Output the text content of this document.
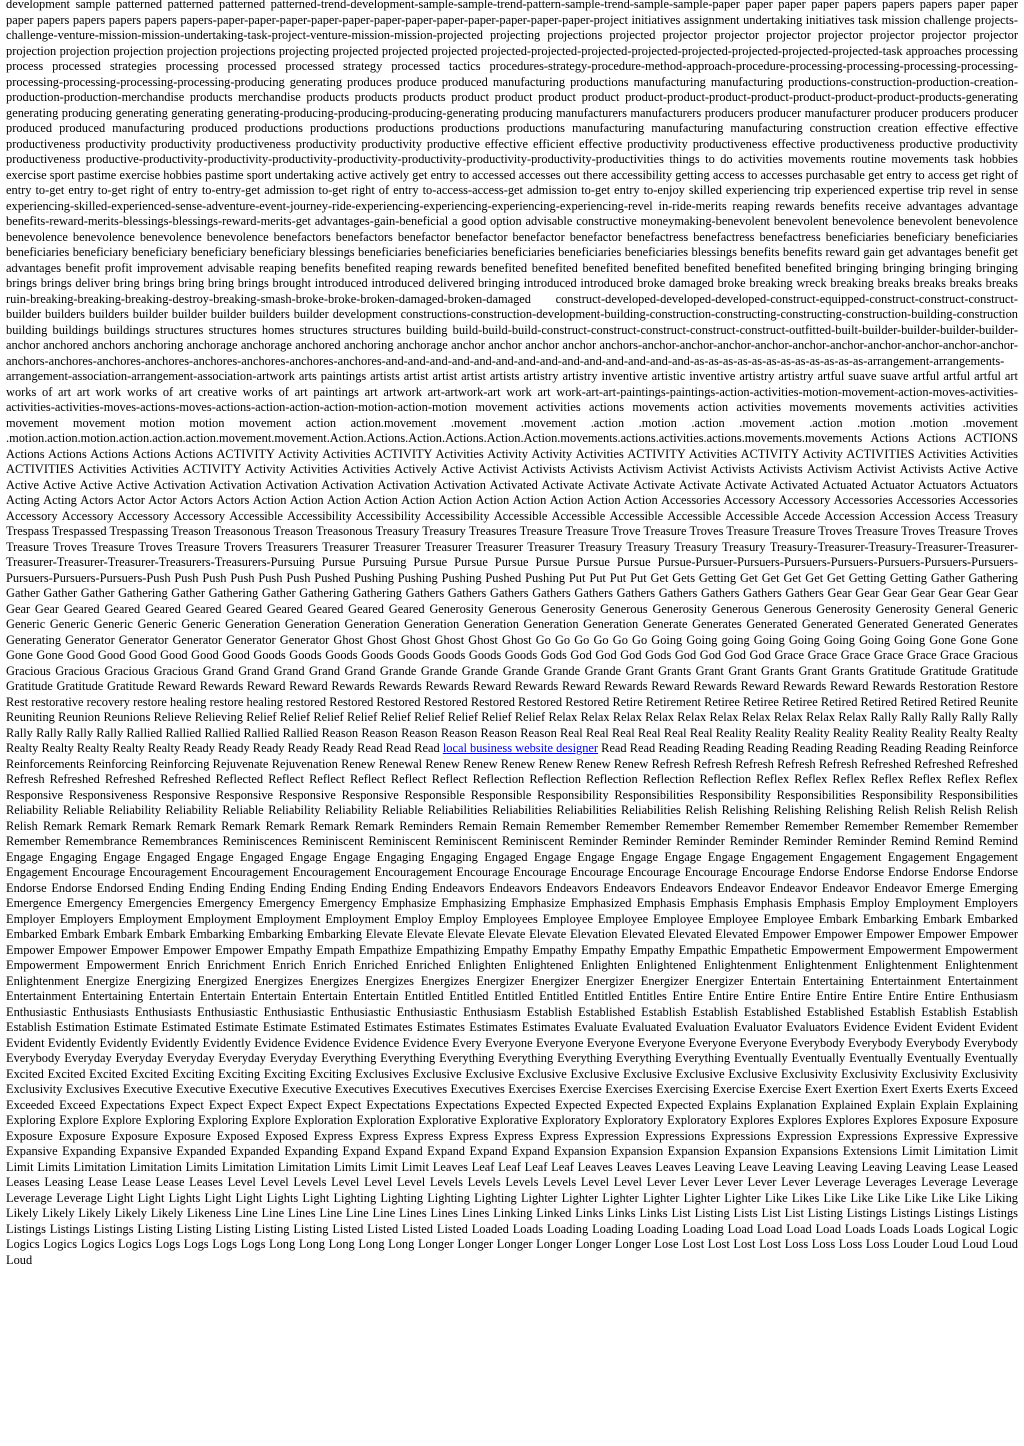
development sample patterned patterned patterned patterned-trend-development-sample-sample-trend-pattern-sample-trend-sample-sample-paper paper paper paper papers papers papers paper paper paper papers papers papers papers papers-paper-paper-paper-paper-paper-paper-paper-paper-paper-paper-paper-paper-project initiatives assignment undertaking initiatives task mission challenge projects-challenge-venture-mission-mission-undertaking-task-project-venture-mission-mission-projected projecting projections projected projector projector projector projector projector projector projector projection projection projection projection projections projecting projected projected projected projected-projected-projected-projected-projected-projected-projected-projected-task approaches processing process processed strategies processing processed processed strategy processed tactics procedures-strategy-procedure-method-approach-procedure-processing-processing-processing-processing-processing-processing-processing-processing-producing generating produces produce produced manufacturing productions manufacturing manufacturing productions-construction-production-creation-production-production-merchandise products merchandise products products products product product product product product-product-product-product-product-product-product-products-generating generating producing generating generating generating-producing-producing-producing-generating producing manufacturers manufacturers producers producer manufacturer producer producers producer produced produced manufacturing produced productions productions productions productions productions manufacturing manufacturing manufacturing construction creation effective effective productiveness productivity productivity productiveness productivity productivity productive effective efficient effective productivity productiveness effective productiveness productive productivity productiveness productive-productivity-productivity-productivity-productivity-productivity-productivity-productivity-productivities things to do activities movements routine movements task hobbies exercise sport pastime exercise hobbies pastime sport undertaking active actively get entry to accessed accesses out there accessibility getting access to accesses purchasable get entry to access get right of entry to-get entry to-get right of entry to-entry-get admission to-get right of entry to-access-access-get admission to-get entry to-enjoy skilled experiencing trip experienced expertise trip revel in sense experiencing-skilled-experienced-sense-adventure-event-journey-ride-experiencing-experiencing-experiencing-experiencing-revel in-ride-merits reaping rewards benefits receive advantages advantage benefits-reward-merits-blessings-blessings-reward-merits-get advantages-gain-beneficial a good option advisable constructive moneymaking-benevolent benevolent benevolence benevolent benevolence benevolence benevolence benevolence benevolence benefactors benefactors benefactor benefactor benefactor benefactor benefactress benefactress benefactress beneficiaries beneficiary beneficiaries beneficiaries beneficiary beneficiary beneficiary beneficiary blessings beneficiaries beneficiaries beneficiaries beneficiaries beneficiaries blessings benefits benefits reward gain get advantages benefit get advantages benefit profit improvement advisable reaping benefits benefited reaping rewards benefited benefited benefited benefited benefited benefited benefited bringing bringing bringing bringing brings brings deliver bring brings bring bring brings brought introduced introduced delivered bringing introduced introduced broke damaged broke breaking wreck breaking breaks breaks breaks breaks ruin-breaking-breaking-breaking-destroy-breaking-smash-broke-broke-broken-damaged-broken-damaged construct-developed-developed-developed-construct-equipped-construct-construct-construct-builder builders builders builder builder builder builders builder development constructions-construction-development-building-construction-constructing-constructing-construction-building-construction building buildings buildings structures structures homes structures structures building build-build-build-construct-construct-construct-construct-construct-outfitted-built-builder-builder-builder-builder-anchor anchored anchors anchoring anchorage anchorage anchored anchoring anchorage anchor anchor anchor anchor anchors-anchor-anchor-anchor-anchor-anchor-anchor-anchor-anchor-anchor-anchor-anchors-anchores-anchores-anchores-anchores-anchores-anchores-anchores-and-and-and-and-and-and-and-and-and-and-and-and-and-and-as-as-as-as-as-as-as-as-as-as-as-as-arrangement-arrangements-arrangement-association-arrangement-association-artwork arts paintings artists artist artist artist artists artistry artistry inventive artistic inventive artistry artistry artful suave suave artful artful artful art works of art art work works of art creative works of art paintings art artwork art-artwork-art work art work-art-art-paintings-paintings-action-activities-motion-movement-action-moves-activities-activities-activities-moves-actions-moves-actions-action-action-action-motion-action-motion movement activities actions movements action activities movements movements activities activities movement movement motion motion movement action action.movement .movement .movement .action .motion .action .movement .action .motion .motion .movement .motion.action.motion.action.action.action.movement.movement.Action.Actions.Action.Actions.Action.Action.movements.actions.activities.actions.movements.movements Actions Actions ACTIONS Actions Actions Actions Actions Actions ACTIVITY Activity Activities ACTIVITY Activities Activity Activity Activities ACTIVITY Activities ACTIVITY Activity ACTIVITIES Activities Activities ACTIVITIES Activities Activities ACTIVITY Activity Activities Activities Actively Active Activist Activists Activists Activism Activist Activists Activists Activism Activist Activists Active Active Active Active Active Active Activation Activation Activation Activation Activation Activation Activated Activate Activate Activate Activate Activate Activated Actuated Actuator Actuators Actuators Acting Acting Actors Actor Actor Actors Actors Action Action Action Action Action Action Action Action Action Action Action Accessories Accessory Accessory Accessories Accessories Accessories Accessory Accessory Accessory Accessory Accessible Accessibility Accessibility Accessibility Accessible Accessible Accessible Accessible Accessible Accede Accession Accession Access Treasury Trespass Trespassed Trespassing Treason Treasonous Treason Treasonous Treasury Treasury Treasures Treasure Treasure Trove Treasure Troves Treasure Treasure Troves Treasure Troves Treasure Troves Treasure Troves Treasure Troves Treasure Trovers Treasurers Treasurer Treasurer Treasurer Treasurer Treasurer Treasury Treasury Treasury Treasury Treasury-Treasurer-Treasury-Treasurer-Treasurer-Treasurer-Treasurer-Treasurer-Treasurers-Treasurers-Pursuing Pursue Pursuing Pursue Pursue Pursue Pursue Pursue Pursue Pursue-Pursuer-Pursuers-Pursuers-Pursuers-Pursuers-Pursuers-Pursuers-Pursuers-Pursuers-Pursuers-Push Push Push Push Push Push Pushed Pushing Pushing Pushing Pushed Pushing Put Put Put Put Get Gets Getting Get Get Get Get Get Getting Getting Gather Gathering Gather Gather Gather Gathering Gather Gathering Gather Gathering Gathering Gathers Gathers Gathers Gathers Gathers Gathers Gathers Gathers Gathers Gathers Gear Gear Gear Gear Gear Gear Gear Gear Gear Geared Geared Geared Geared Geared Geared Geared Geared Geared Generosity Generous Generosity Generous Generosity Generous Generous Generosity Generosity General Generic Generic Generic Generic Generic Generic Generation Generation Generation Generation Generation Generation Generation Generate Generates Generated Generated Generated Generated Generates Generating Generator Generator Generator Generator Generator Ghost Ghost Ghost Ghost Ghost Ghost Go Go Go Go Go Go Going Going going Going Going Going Going Going Gone Gone Gone Gone Gone Good Good Good Good Good Good Goods Goods Goods Goods Goods Goods Goods Goods Gods God God God Gods God God God God Grace Grace Grace Grace Grace Grace Gracious Gracious Gracious Gracious Gracious Grand Grand Grand Grand Grand Grande Grande Grande Grande Grande Grande Grant Grants Grant Grant Grants Grant Grants Gratitude Gratitude Gratitude Gratitude Gratitude Gratitude Reward Rewards Reward Reward Rewards Rewards Rewards Reward Rewards Reward Rewards Reward Rewards Reward Rewards Reward Rewards Restoration Restore Rest restorative recovery restore healing restore healing restored Restored Restored Restored Restored Restored Restored Retire Retirement Retiree Retiree Retiree Retired Retired Retired Retired Reunite Reuniting Reunion Reunions Relieve Relieving Relief Relief Relief Relief Relief Relief Relief Relief Relief Relax Relax Relax Relax Relax Relax Relax Relax Relax Relax Rally Rally Rally Rally Rally Rally Rally Rally Rally Rallied Rallied Rallied Rallied Rallied Reason Reason Reason Reason Reason Reason Real Real Real Real Real Real Reality Reality Reality Reality Reality Reality Realty Realty Realty Realty Realty Realty Realty Ready Ready Ready Ready Ready Read Read Read local business website designer Read Read Reading Reading Reading Reading Reading Reading Reading Reinforce Reinforcements Reinforcing Reinforcing Rejuvenate Rejuvenation Renew Renewal Renew Renew Renew Renew Renew Renew Refresh Refresh Refresh Refresh Refresh Refreshed Refreshed Refreshed Refresh Refreshed Refreshed Refreshed Reflected Reflect Reflect Reflect Reflect Reflect Reflection Reflection Reflection Reflection Reflection Reflex Reflex Reflex Reflex Reflex Reflex Reflex Responsive Responsiveness Responsive Responsive Responsive Responsive Responsible Responsible Responsibility Responsibilities Responsibility Responsibilities Responsibility Responsibilities Reliability Reliable Reliability Reliability Reliable Reliability Reliability Reliable Reliabilities Reliabilities Reliabilities Reliabilities Relish Relishing Relishing Relishing Relish Relish Relish Relish Relish Remark Remark Remark Remark Remark Remark Remark Remark Reminders Remain Remain Remember Remember Remember Remember Remember Remember Remember Remember Remember Remembrance Remembrances Reminiscences Reminiscent Reminiscent Reminiscent Reminiscent Reminder Reminder Reminder Reminder Reminder Reminder Remind Remind Remind Engage Engaging Engage Engaged Engage Engaged Engage Engage Engaging Engaging Engaged Engage Engage Engage Engage Engage Engagement Engagement Engagement Engagement Engagement Encourage Encouragement Encouragement Encouragement Encouragement Encourage Encourage Encourage Encourage Encourage Encourage Endorse Endorse Endorse Endorse Endorse Endorse Endorse Endorsed Ending Ending Ending Ending Ending Ending Ending Endeavors Endeavors Endeavors Endeavors Endeavors Endeavor Endeavor Endeavor Endeavor Emerge Emerging Emergence Emergency Emergencies Emergency Emergency Emergency Emphasize Emphasizing Emphasize Emphasized Emphasis Emphasis Emphasis Emphasis Employ Employment Employers Employer Employers Employment Employment Employment Employment Employ Employ Employees Employee Employee Employee Employee Employee Embark Embarking Embark Embarked Embarked Embark Embark Embark Embarking Embarking Embarking Elevate Elevate Elevate Elevate Elevate Elevation Elevated Elevated Elevated Empower Empower Empower Empower Empower Empower Empower Empower Empower Empower Empathy Empath Empathize Empathizing Empathy Empathy Empathy Empathy Empathic Empathetic Empowerment Empowerment Empowerment Empowerment Empowerment Enrich Enrichment Enrich Enrich Enriched Enriched Enlighten Enlightened Enlighten Enlightened Enlightenment Enlightenment Enlightenment Enlightenment Enlightenment Energize Energizing Energized Energizes Energizes Energizes Energizes Energizer Energizer Energizer Energizer Energizer Entertain Entertaining Entertainment Entertainment Entertainment Entertaining Entertain Entertain Entertain Entertain Entertain Entitled Entitled Entitled Entitled Entitled Entitles Entire Entire Entire Entire Entire Entire Entire Entire Enthusiasm Enthusiastic Enthusiasts Enthusiasts Enthusiastic Enthusiastic Enthusiastic Enthusiastic Enthusiasm Establish Established Establish Establish Established Established Establish Establish Establish Establish Estimation Estimate Estimated Estimate Estimate Estimated Estimates Estimates Estimates Estimates Evaluate Evaluated Evaluation Evaluator Evaluators Evidence Evident Evident Evident Evident Evidently Evidently Evidently Evidently Evidence Evidence Evidence Evidence Every Everyone Everyone Everyone Everyone Everyone Everyone Everybody Everybody Everybody Everybody Everybody Everyday Everyday Everyday Everyday Everyday Everything Everything Everything Everything Everything Everything Everything Eventually Eventually Eventually Eventually Eventually Excited Excited Excited Excited Exciting Exciting Exciting Exciting Exclusives Exclusive Exclusive Exclusive Exclusive Exclusive Exclusive Exclusive Exclusivity Exclusivity Exclusivity Exclusivity Exclusivity Exclusives Executive Executive Executive Executive Executives Executives Executives Exercises Exercise Exercises Exercising Exercise Exercise Exert Exertion Exert Exerts Exerts Exceed Exceeded Exceed Expectations Expect Expect Expect Expect Expect Expectations Expectations Expected Expected Expected Expected Explains Explanation Explained Explain Explain Explaining Exploring Explore Explore Exploring Exploring Explore Exploration Exploration Explorative Explorative Exploratory Exploratory Exploratory Explores Explores Explores Explores Exposure Exposure Exposure Exposure Exposure Exposure Exposed Exposed Express Express Express Express Express Express Expression Expressions Expressions Expression Expressions Expressive Expressive Expansive Expanding Expansive Expanded Expanded Expanding Expand Expand Expand Expand Expand Expansion Expansion Expansion Expansion Expansions Extensions Limit Limitation Limit Limit Limits Limitation Limitation Limits Limitation Limitation Limits Limit Limit Leaves Leaf Leaf Leaf Leaf Leaves Leaves Leaves Leaving Leave Leaving Leaving Leaving Leaving Lease Leased Leases Leasing Lease Lease Lease Leases Level Level Levels Level Level Level Levels Levels Levels Levels Level Level Lever Lever Lever Lever Lever Leverage Leverages Leverage Leverage Leverage Leverage Light Light Lights Light Light Lights Light Lighting Lighting Lighting Lighting Lighter Lighter Lighter Lighter Lighter Lighter Like Likes Like Like Like Like Like Like Liking Likely Likely Likely Likely Likely Likeness Line Line Lines Line Line Line Lines Lines Lines Linking Linked Links Links Links List Listing Lists List List Listing Listings Listings Listings Listings Listings Listings Listings Listing Listing Listing Listing Listing Listed Listed Listed Listed Loaded Loads Loading Loading Loading Loading Load Load Load Load Loads Loads Loads Logical Logic Logics Logics Logics Logics Logs Logs Logs Logs Long Long Long Long Long Longer Longer Longer Longer Longer Longer Lose Lost Lost Lost Lost Loss Loss Loss Loss Louder Loud Loud Loud Loud
